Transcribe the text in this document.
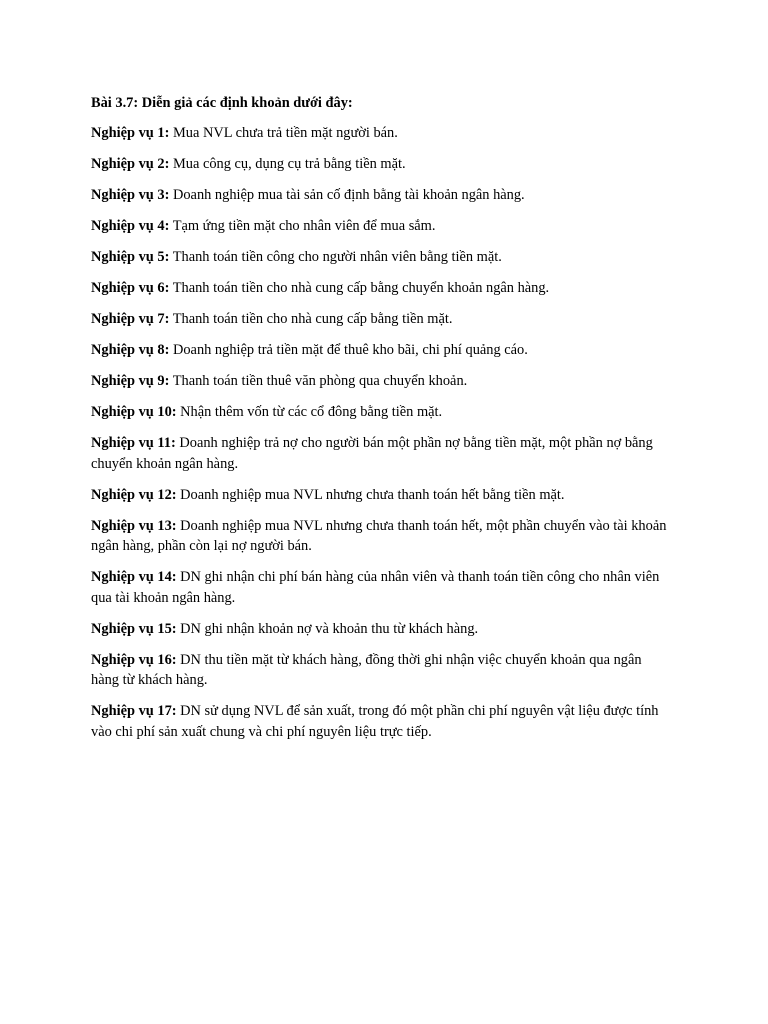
Bài 3.7: Diễn giả các định khoản dưới đây:

Nghiệp vụ 1: Mua NVL chưa trả tiền mặt người bán.

Nghiệp vụ 2: Mua công cụ, dụng cụ trả bằng tiền mặt.

Nghiệp vụ 3: Doanh nghiệp mua tài sản cố định bằng tài khoản ngân hàng.

Nghiệp vụ 4: Tạm ứng tiền mặt cho nhân viên để mua sắm.

Nghiệp vụ 5: Thanh toán tiền công cho người nhân viên bằng tiền mặt.

Nghiệp vụ 6: Thanh toán tiền cho nhà cung cấp bằng chuyển khoản ngân hàng.

Nghiệp vụ 7: Thanh toán tiền cho nhà cung cấp bằng tiền mặt.

Nghiệp vụ 8: Doanh nghiệp trả tiền mặt để thuê kho bãi, chi phí quảng cáo.

Nghiệp vụ 9: Thanh toán tiền thuê văn phòng qua chuyển khoản.

Nghiệp vụ 10: Nhận thêm vốn từ các cổ đông bằng tiền mặt.

Nghiệp vụ 11: Doanh nghiệp trả nợ cho người bán một phần nợ bằng tiền mặt, một phần nợ bằng chuyển khoản ngân hàng.

Nghiệp vụ 12: Doanh nghiệp mua NVL nhưng chưa thanh toán hết bằng tiền mặt.

Nghiệp vụ 13: Doanh nghiệp mua NVL nhưng chưa thanh toán hết, một phần chuyển vào tài khoản ngân hàng, phần còn lại nợ người bán.

Nghiệp vụ 14: DN ghi nhận chi phí bán hàng của nhân viên và thanh toán tiền công cho nhân viên qua tài khoản ngân hàng.

Nghiệp vụ 15: DN ghi nhận khoản nợ và khoản thu từ khách hàng.

Nghiệp vụ 16: DN thu tiền mặt từ khách hàng, đồng thời ghi nhận việc chuyển khoản qua ngân hàng từ khách hàng.

Nghiệp vụ 17: DN sử dụng NVL để sản xuất, trong đó một phần chi phí nguyên vật liệu được tính vào chi phí sản xuất chung và chi phí nguyên liệu trực tiếp.
